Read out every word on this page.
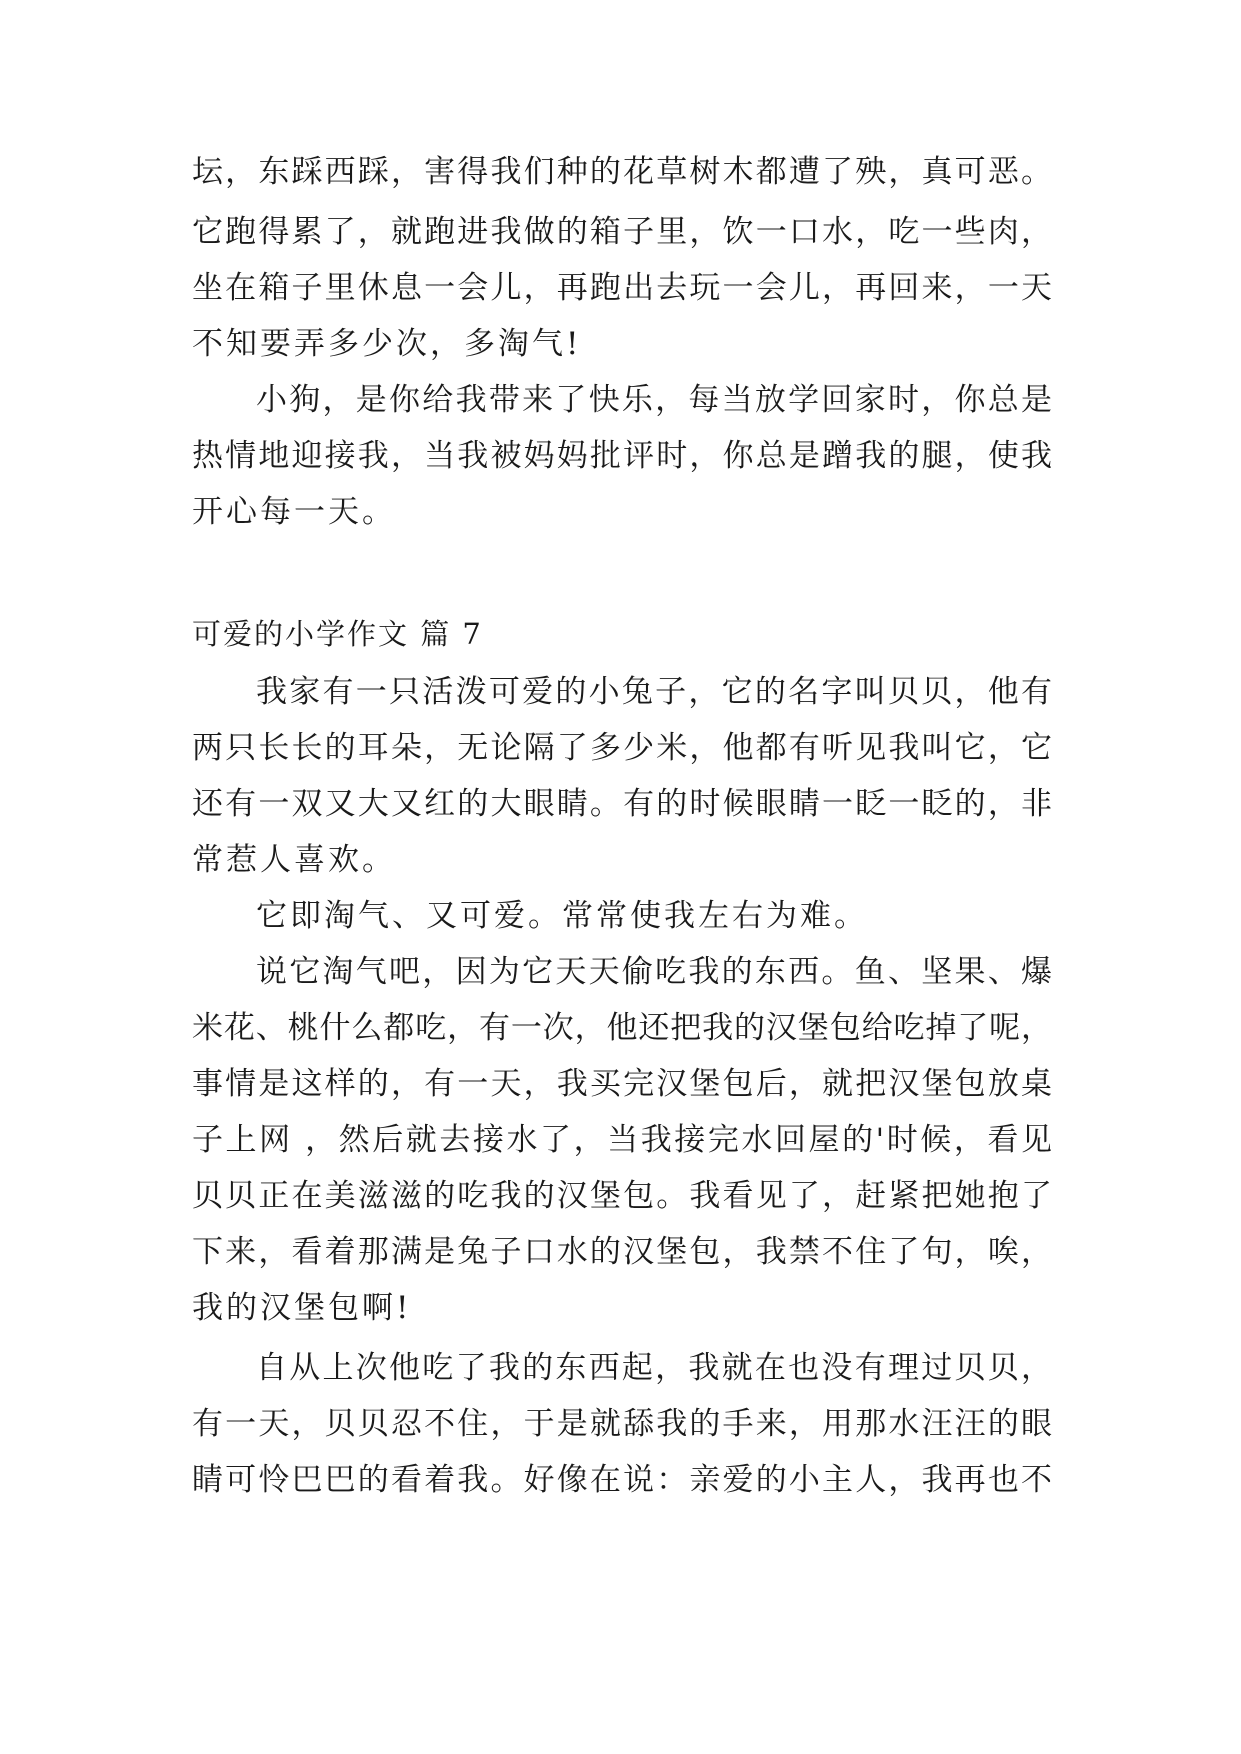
坛，东踩西踩，害得我们种的花草树木都遭了殃，真可恶。
它跑得累了，就跑进我做的箱子里，饮一口水，吃一些肉，
坐在箱子里休息一会儿，再跑出去玩一会儿，再回来，一天
不知要弄多少次，多淘气!
小狗，是你给我带来了快乐，每当放学回家时，你总是
热情地迎接我，当我被妈妈批评时，你总是蹭我的腿，使我
开心每一天。
可爱的小学作文 篇 7
我家有一只活泼可爱的小兔子，它的名字叫贝贝，他有
两只长长的耳朵，无论隔了多少米，他都有听见我叫它，它
还有一双又大又红的大眼睛。有的时候眼睛一眨一眨的，非
常惹人喜欢。
它即淘气、又可爱。常常使我左右为难。
说它淘气吧，因为它天天偷吃我的东西。鱼、坚果、爆
米花、桃什么都吃，有一次，他还把我的汉堡包给吃掉了呢，
事情是这样的，有一天，我买完汉堡包后，就把汉堡包放桌
子上网 ，然后就去接水了，当我接完水回屋的'时候，看见
贝贝正在美滋滋的吃我的汉堡包。我看见了，赶紧把她抱了
下来，看着那满是兔子口水的汉堡包，我禁不住了句，唉，
我的汉堡包啊!
自从上次他吃了我的东西起，我就在也没有理过贝贝，
有一天，贝贝忍不住，于是就舔我的手来，用那水汪汪的眼
睛可怜巴巴的看着我。好像在说：亲爱的小主人，我再也不
